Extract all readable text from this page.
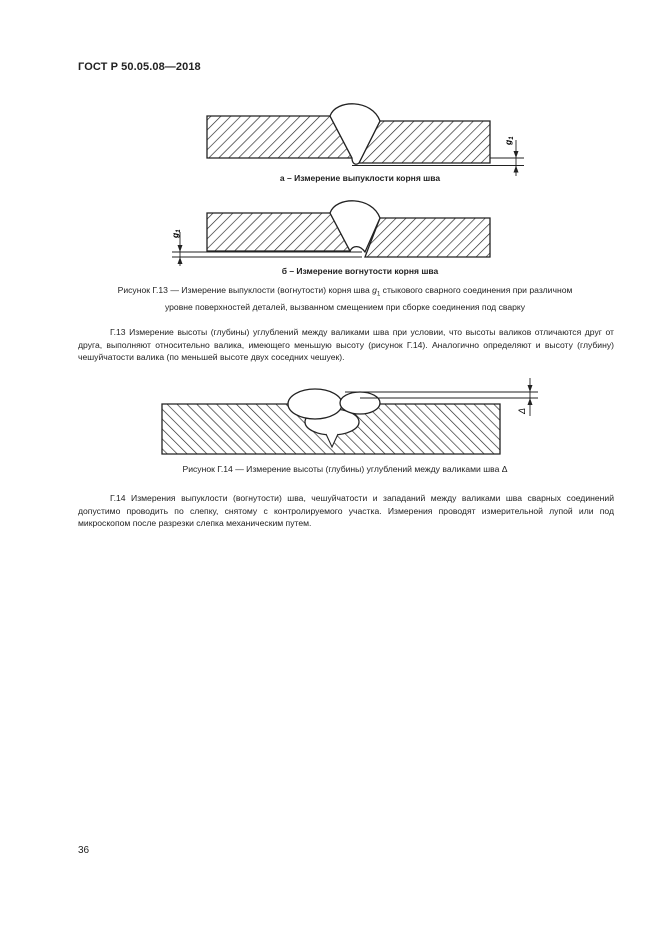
ГОСТ Р 50.05.08—2018
$g_1$
$g_1$
Δ
а – Измерение выпуклости корня шва
б – Измерение вогнутости корня шва
Рисунок Г.13 — Измерение выпуклости (вогнутости) корня шва $g_1$ стыкового сварного соединения при различном
уровне поверхностей деталей, вызванном смещением при сборке соединения под сварку
Г.13 Измерение высоты (глубины) углублений между валиками шва при условии, что высоты валиков отличаются друг от друга, выполняют относительно валика, имеющего меньшую высоту (рисунок Г.14). Аналогично определяют и высоту (глубину) чешуйчатости валика (по меньшей высоте двух соседних чешуек).
Рисунок Г.14 — Измерение высоты (глубины) углублений между валиками шва Δ
Г.14 Измерения выпуклости (вогнутости) шва, чешуйчатости и западаний между валиками шва сварных соединений допустимо проводить по слепку, снятому с контролируемого участка. Измерения проводят измерительной лупой или под микроскопом после разрезки слепка механическим путем.
36
